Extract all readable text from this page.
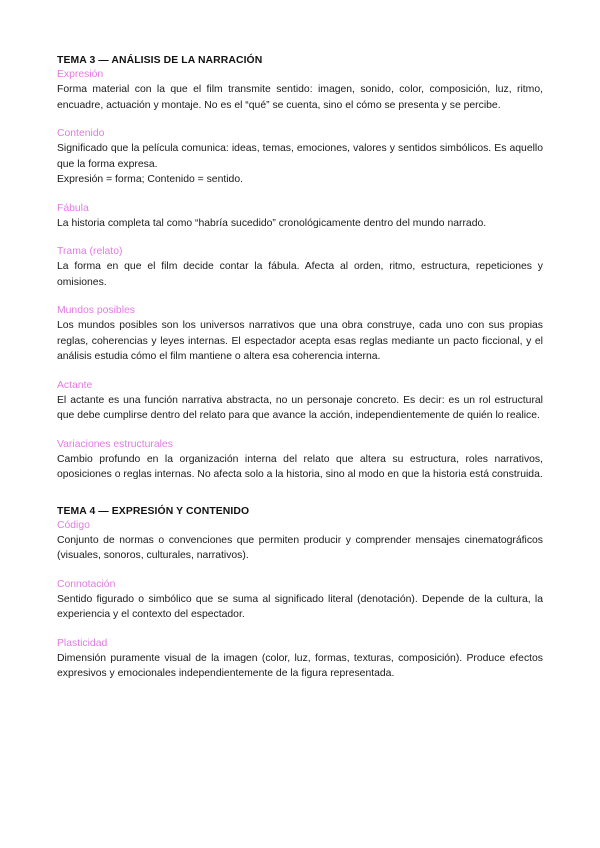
TEMA 3 — ANÁLISIS DE LA NARRACIÓN

Expresión

Forma material con la que el film transmite sentido: imagen, sonido, color, composición, luz, ritmo, encuadre, actuación y montaje. No es el “qué” se cuenta, sino el cómo se presenta y se percibe.

Contenido

Significado que la película comunica: ideas, temas, emociones, valores y sentidos simbólicos. Es aquello que la forma expresa.
Expresión = forma; Contenido = sentido.

Fábula

La historia completa tal como “habría sucedido” cronológicamente dentro del mundo narrado.

Trama (relato)

La forma en que el film decide contar la fábula. Afecta al orden, ritmo, estructura, repeticiones y omisiones.

Mundos posibles

Los mundos posibles son los universos narrativos que una obra construye, cada uno con sus propias reglas, coherencias y leyes internas. El espectador acepta esas reglas mediante un pacto ficcional, y el análisis estudia cómo el film mantiene o altera esa coherencia interna.

Actante

El actante es una función narrativa abstracta, no un personaje concreto. Es decir: es un rol estructural que debe cumplirse dentro del relato para que avance la acción, independientemente de quién lo realice.

Variaciones estructurales

Cambio profundo en la organización interna del relato que altera su estructura, roles narrativos, oposiciones o reglas internas. No afecta solo a la historia, sino al modo en que la historia está construida.

TEMA 4 — EXPRESIÓN Y CONTENIDO

Código

Conjunto de normas o convenciones que permiten producir y comprender mensajes cinematográficos (visuales, sonoros, culturales, narrativos).

Connotación

Sentido figurado o simbólico que se suma al significado literal (denotación). Depende de la cultura, la experiencia y el contexto del espectador.

Plasticidad

Dimensión puramente visual de la imagen (color, luz, formas, texturas, composición). Produce efectos expresivos y emocionales independientemente de la figura representada.
